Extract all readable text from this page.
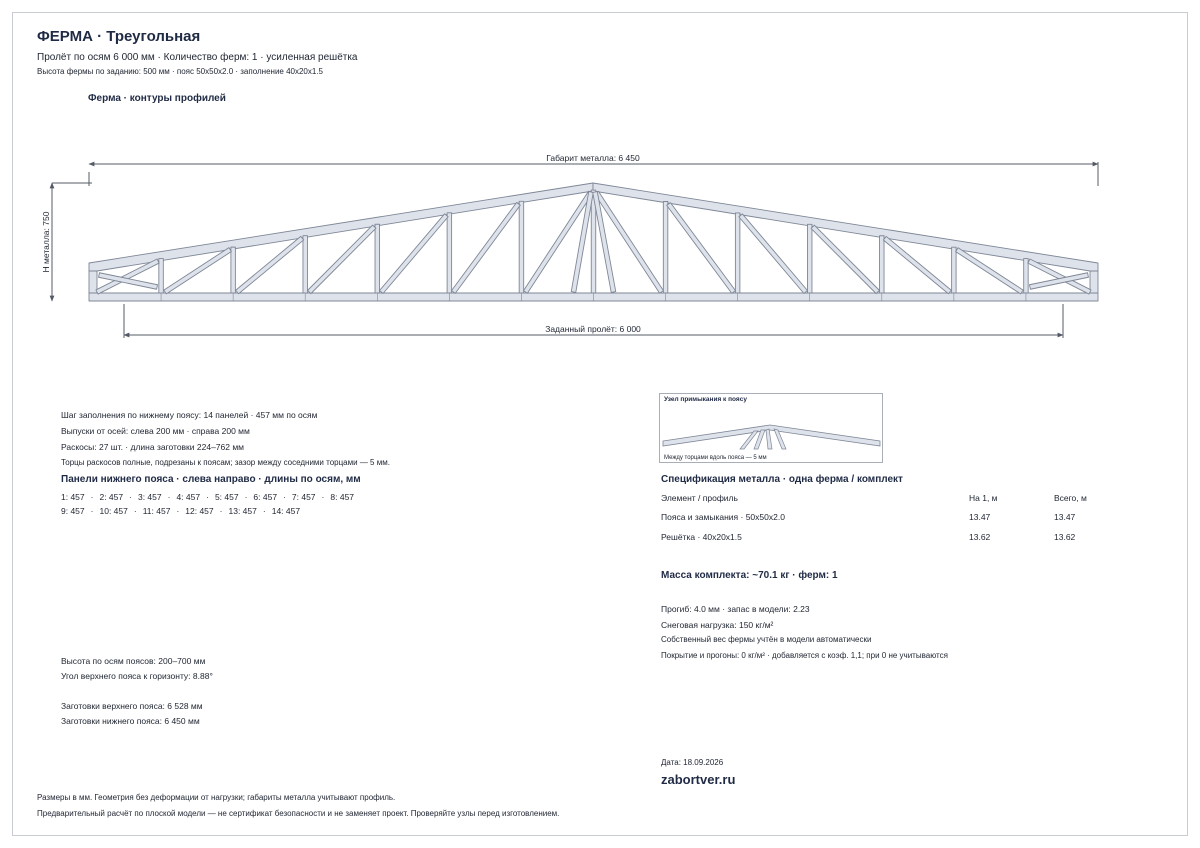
ФЕРМА · Треугольная
Пролёт по осям 6 000 мм · Количество ферм: 1 · усиленная решётка
Высота фермы по заданию: 500 мм · пояс 50х50х2.0 · заполнение 40х20х1.5
Ферма · контуры профилей
Габарит металла: 6 450
H металла: 750
Заданный пролёт: 6 000
Шаг заполнения по нижнему поясу: 14 панелей · 457 мм по осям
Выпуски от осей: слева 200 мм · справа 200 мм
Раскосы: 27 шт. · длина заготовки 224–762 мм
Торцы раскосов полные, подрезаны к поясам; зазор между соседними торцами — 5 мм.
Панели нижнего пояса · слева направо · длины по осям, мм
1: 457 · 2: 457 · 3: 457 · 4: 457 · 5: 457 · 6: 457 · 7: 457 · 8: 457
9: 457 · 10: 457 · 11: 457 · 12: 457 · 13: 457 · 14: 457
Высота по осям поясов: 200–700 мм
Угол верхнего пояса к горизонту: 8.88°
Заготовки верхнего пояса: 6 528 мм
Заготовки нижнего пояса: 6 450 мм
Узел примыкания к поясу
Между торцами вдоль пояса — 5 мм
Спецификация металла · одна ферма / комплект
Элемент / профиль	На 1, м	Всего, м
Пояса и замыкания · 50х50х2.0	13.47	13.47
Решётка · 40х20х1.5	13.62	13.62
Масса комплекта: ~70.1 кг · ферм: 1
Прогиб: 4.0 мм · запас в модели: 2.23
Снеговая нагрузка: 150 кг/м²
Собственный вес фермы учтён в модели автоматически
Покрытие и прогоны: 0 кг/м² · добавляется с коэф. 1,1; при 0 не учитываются
Дата: 18.09.2026
zabortver.ru
Размеры в мм. Геометрия без деформации от нагрузки; габариты металла учитывают профиль.
Предварительный расчёт по плоской модели — не сертификат безопасности и не заменяет проект. Проверяйте узлы перед изготовлением.
